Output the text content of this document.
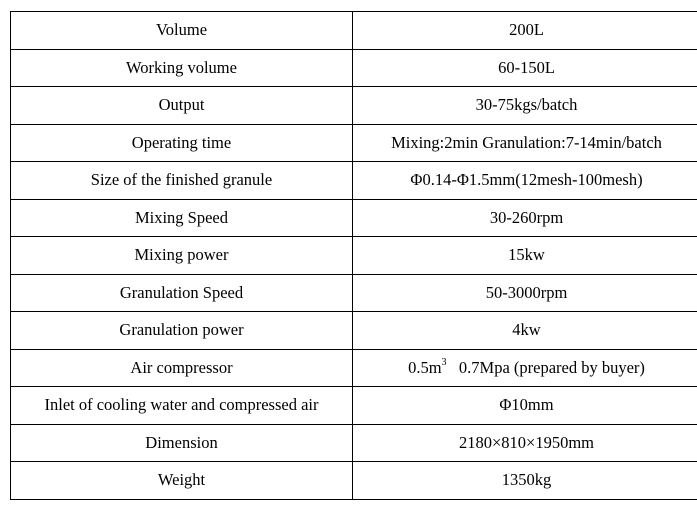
Volume	200L
Working volume	60-150L
Output	30-75kgs/batch
Operating time	Mixing:2min Granulation:7-14min/batch
Size of the finished granule	Φ0.14-Φ1.5mm(12mesh-100mesh)
Mixing Speed	30-260rpm
Mixing power	15kw
Granulation Speed	50-3000rpm
Granulation power	4kw
Air compressor	$0.5m^3$   0.7Mpa (prepared by buyer)
Inlet of cooling water and compressed air	Φ10mm
Dimension	2180×810×1950mm
Weight	1350kg
